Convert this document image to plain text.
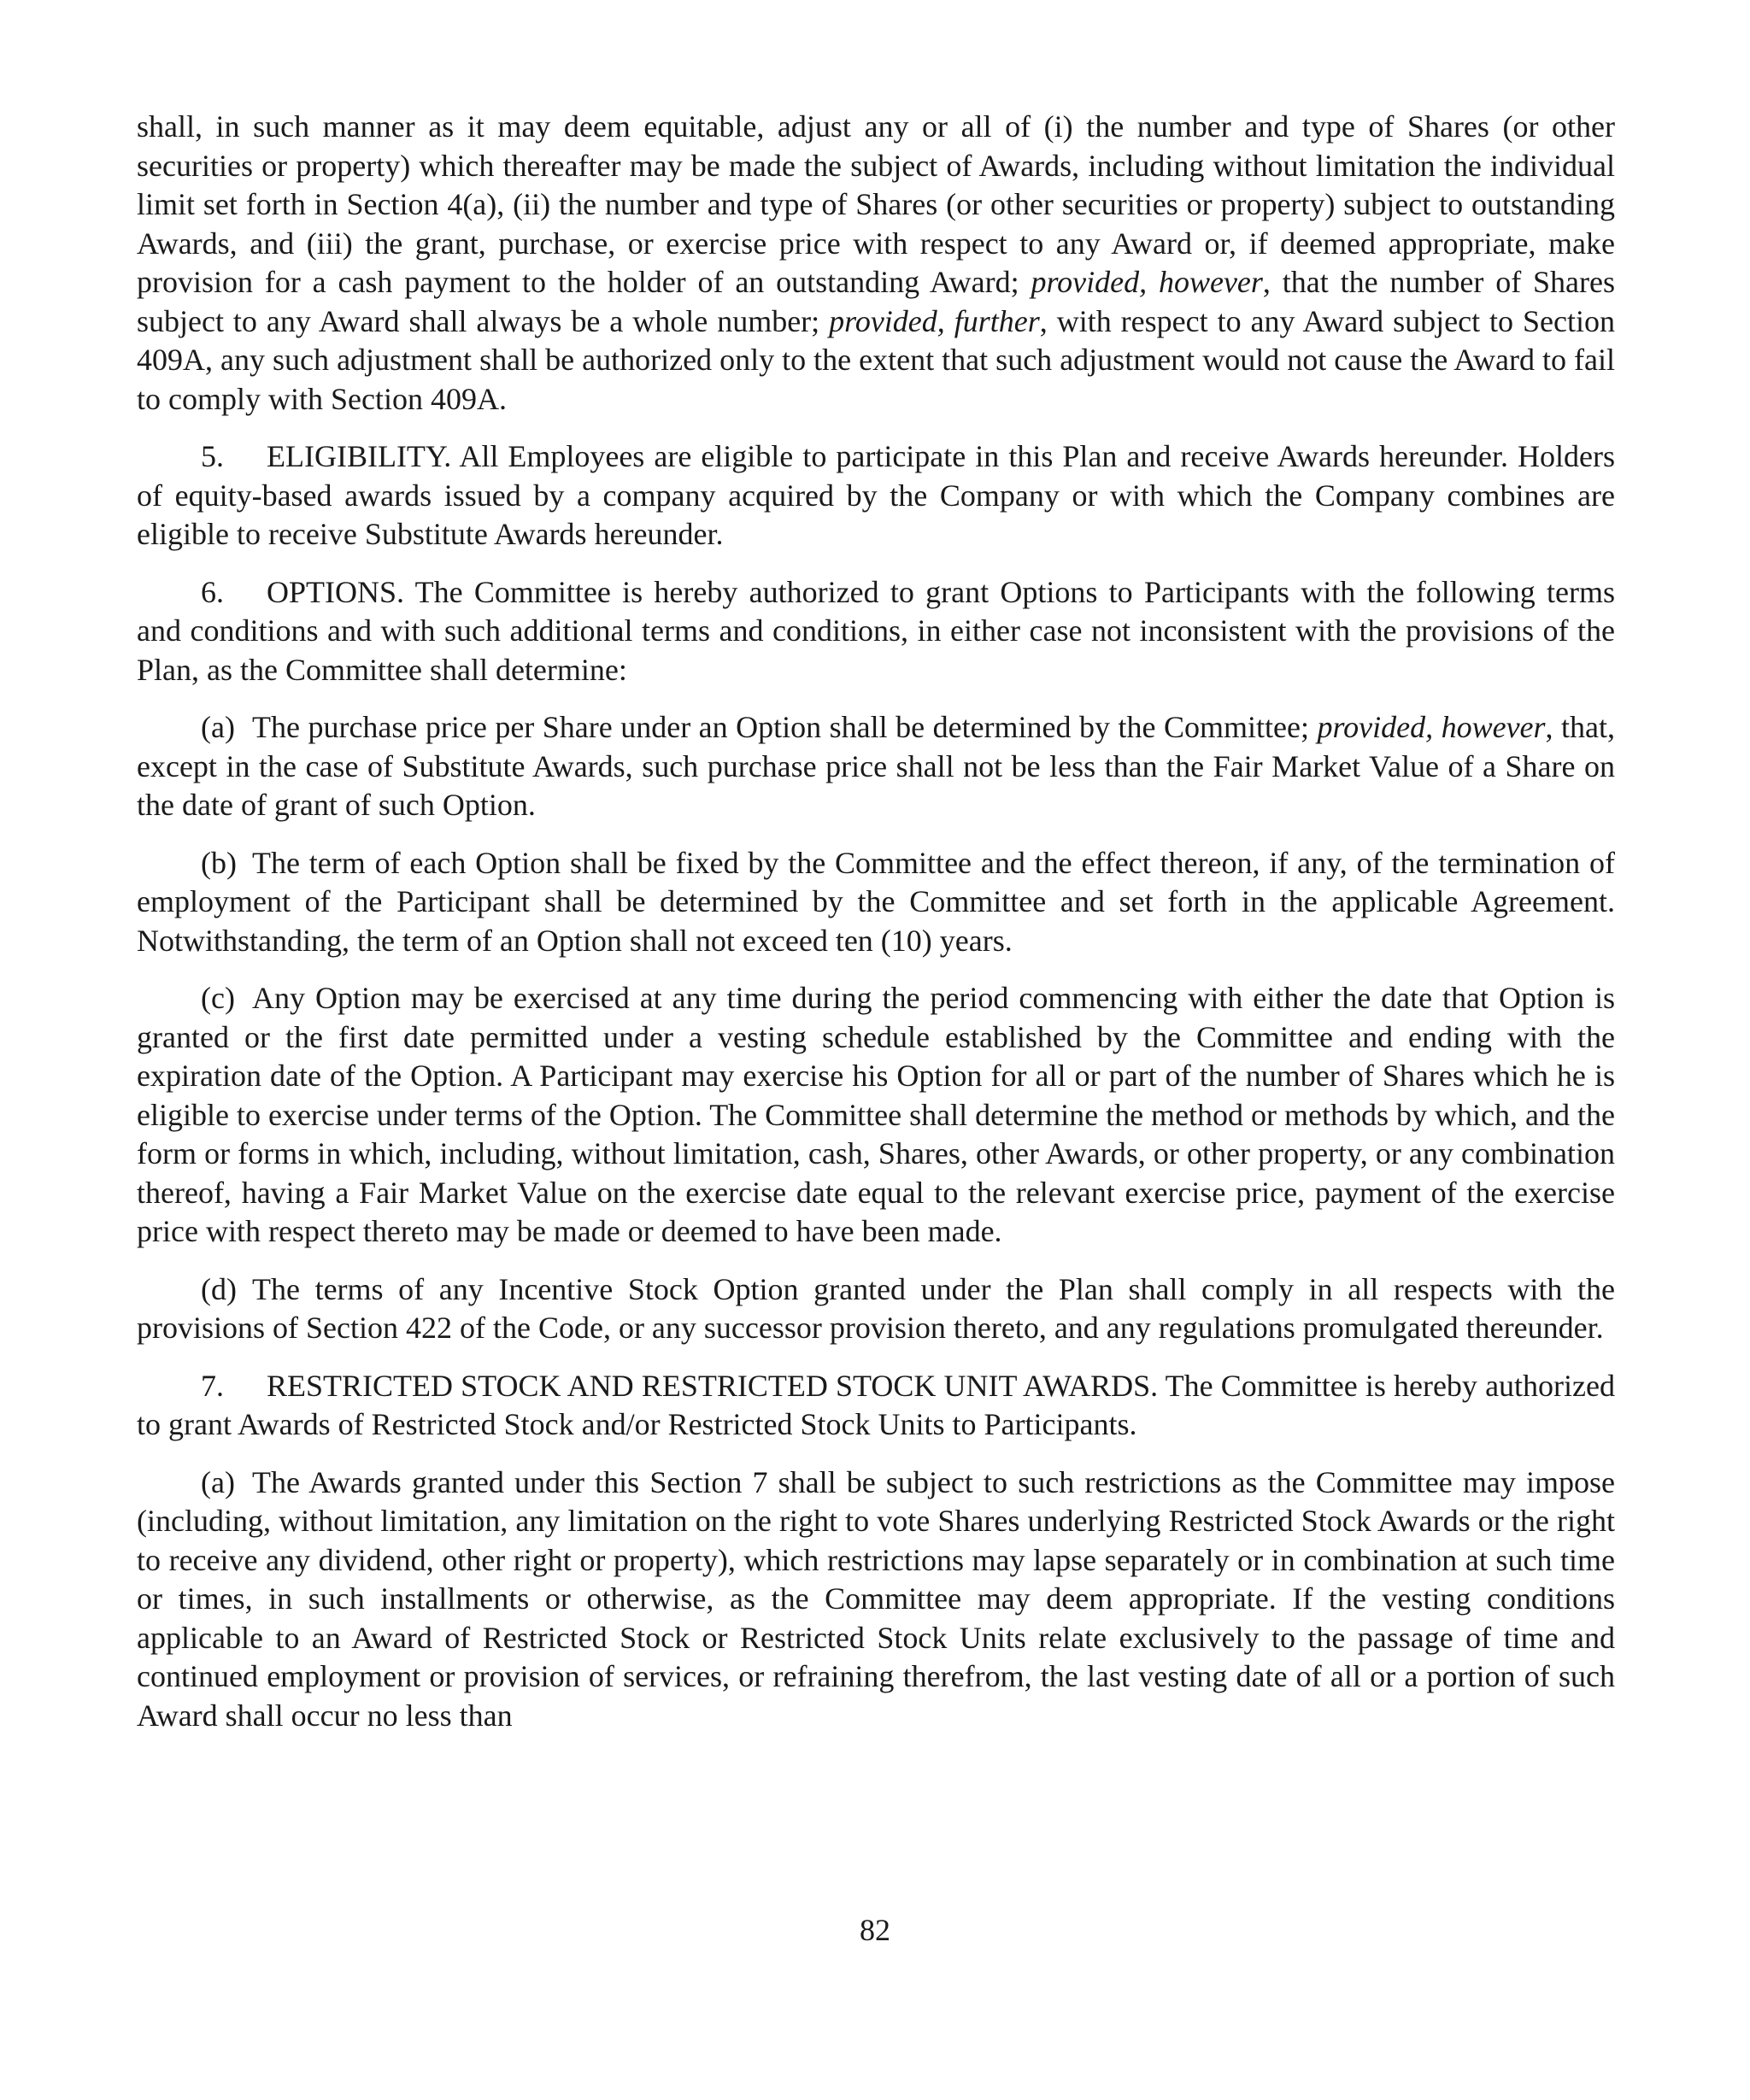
shall, in such manner as it may deem equitable, adjust any or all of (i) the number and type of Shares (or other securities or property) which thereafter may be made the subject of Awards, including without limitation the individual limit set forth in Section 4(a), (ii) the number and type of Shares (or other securities or property) subject to outstanding Awards, and (iii) the grant, purchase, or exercise price with respect to any Award or, if deemed appropriate, make provision for a cash payment to the holder of an outstanding Award; provided, however, that the number of Shares subject to any Award shall always be a whole number; provided, further, with respect to any Award subject to Section 409A, any such adjustment shall be authorized only to the extent that such adjustment would not cause the Award to fail to comply with Section 409A.

5. ELIGIBILITY. All Employees are eligible to participate in this Plan and receive Awards hereunder. Holders of equity-based awards issued by a company acquired by the Company or with which the Company combines are eligible to receive Substitute Awards hereunder.

6. OPTIONS. The Committee is hereby authorized to grant Options to Participants with the following terms and conditions and with such additional terms and conditions, in either case not inconsistent with the provisions of the Plan, as the Committee shall determine:

(a) The purchase price per Share under an Option shall be determined by the Committee; provided, however, that, except in the case of Substitute Awards, such purchase price shall not be less than the Fair Market Value of a Share on the date of grant of such Option.

(b) The term of each Option shall be fixed by the Committee and the effect thereon, if any, of the termination of employment of the Participant shall be determined by the Committee and set forth in the applicable Agreement. Notwithstanding, the term of an Option shall not exceed ten (10) years.

(c) Any Option may be exercised at any time during the period commencing with either the date that Option is granted or the first date permitted under a vesting schedule established by the Committee and ending with the expiration date of the Option. A Participant may exercise his Option for all or part of the number of Shares which he is eligible to exercise under terms of the Option. The Committee shall determine the method or methods by which, and the form or forms in which, including, without limitation, cash, Shares, other Awards, or other property, or any combination thereof, having a Fair Market Value on the exercise date equal to the relevant exercise price, payment of the exercise price with respect thereto may be made or deemed to have been made.

(d) The terms of any Incentive Stock Option granted under the Plan shall comply in all respects with the provisions of Section 422 of the Code, or any successor provision thereto, and any regulations promulgated thereunder.

7. RESTRICTED STOCK AND RESTRICTED STOCK UNIT AWARDS. The Committee is hereby authorized to grant Awards of Restricted Stock and/or Restricted Stock Units to Participants.

(a) The Awards granted under this Section 7 shall be subject to such restrictions as the Committee may impose (including, without limitation, any limitation on the right to vote Shares underlying Restricted Stock Awards or the right to receive any dividend, other right or property), which restrictions may lapse separately or in combination at such time or times, in such installments or otherwise, as the Committee may deem appropriate. If the vesting conditions applicable to an Award of Restricted Stock or Restricted Stock Units relate exclusively to the passage of time and continued employment or provision of services, or refraining therefrom, the last vesting date of all or a portion of such Award shall occur no less than

82
